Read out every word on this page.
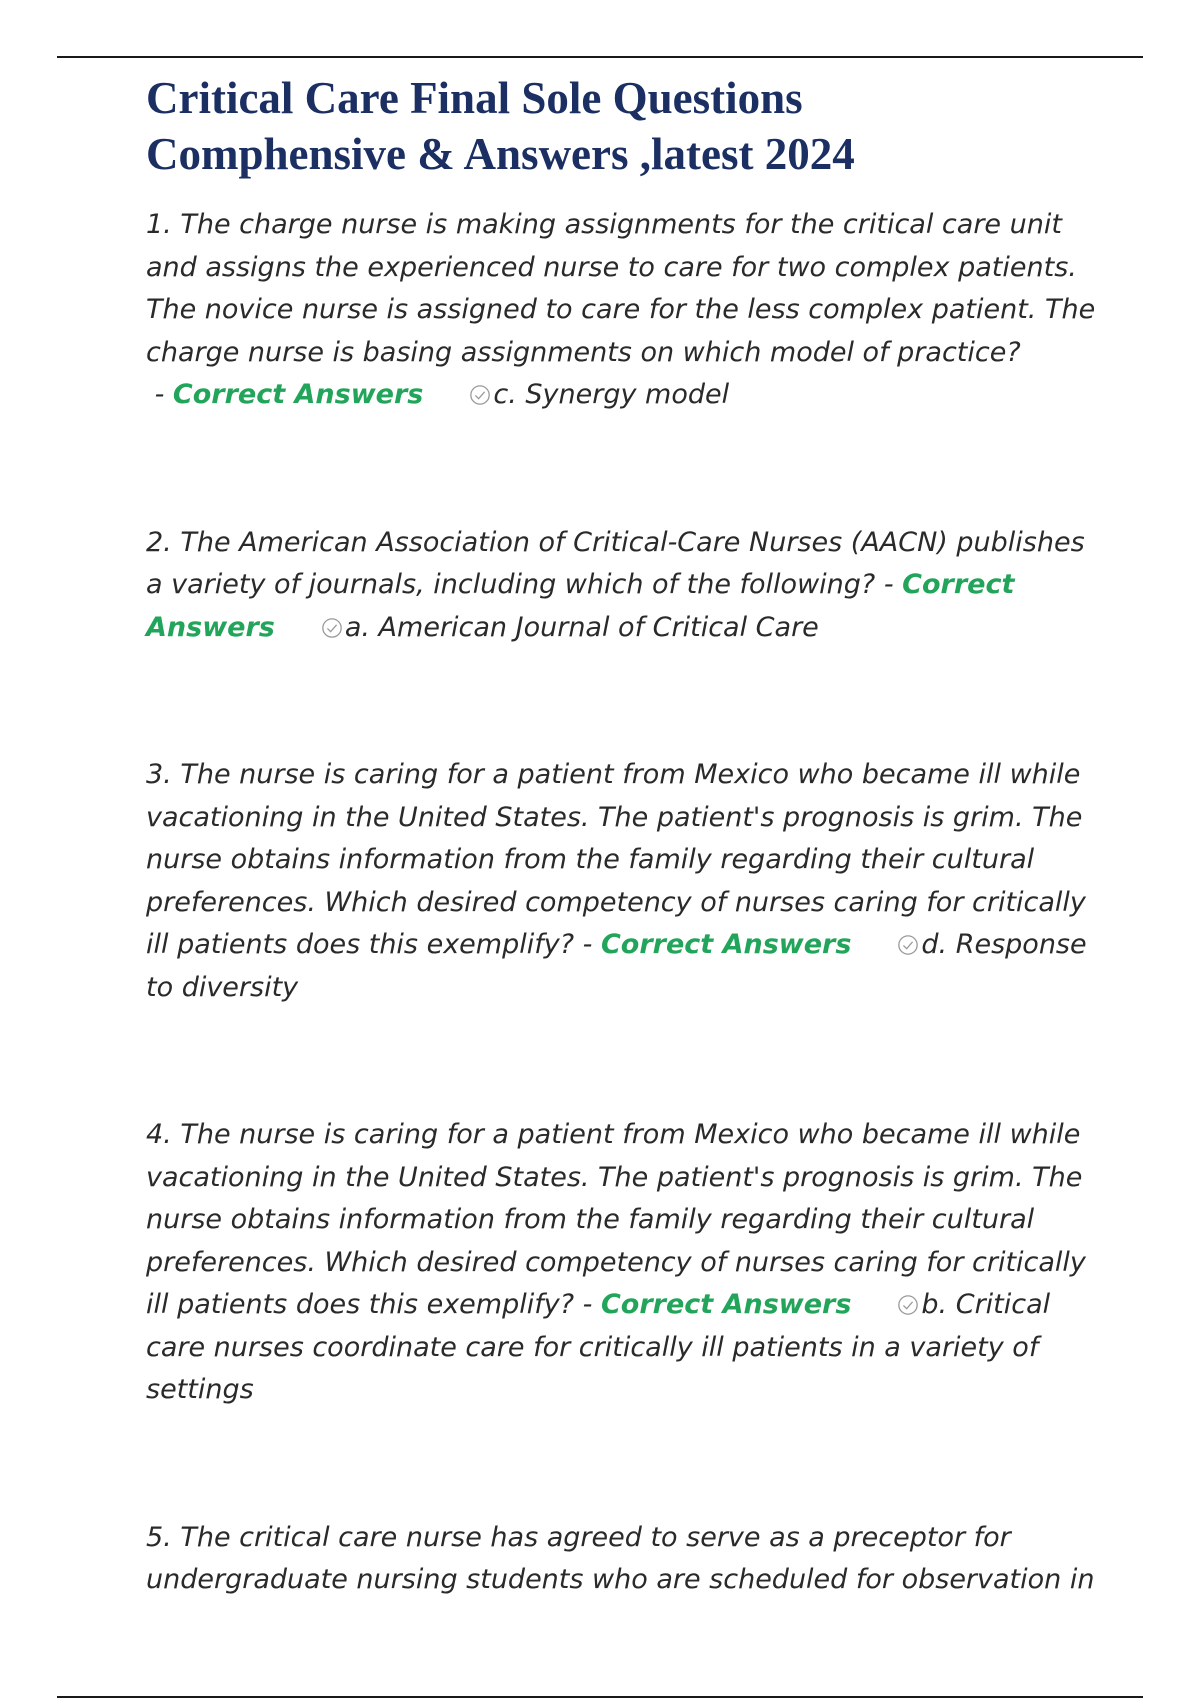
Critical Care Final Sole Questions
Comphensive & Answers ,latest 2024

1. The charge nurse is making assignments for the critical care unit and assigns the experienced nurse to care for two complex patients. The novice nurse is assigned to care for the less complex patient. The charge nurse is basing assignments on which model of practice? - Correct Answers	c. Synergy model

2. The American Association of Critical-Care Nurses (AACN) publishes a variety of journals, including which of the following? - Correct Answers	a. American Journal of Critical Care

3. The nurse is caring for a patient from Mexico who became ill while vacationing in the United States. The patient's prognosis is grim. The nurse obtains information from the family regarding their cultural preferences. Which desired competency of nurses caring for critically ill patients does this exemplify? - Correct Answers	d. Response to diversity

4. The nurse is caring for a patient from Mexico who became ill while vacationing in the United States. The patient's prognosis is grim. The nurse obtains information from the family regarding their cultural preferences. Which desired competency of nurses caring for critically ill patients does this exemplify? - Correct Answers	b. Critical care nurses coordinate care for critically ill patients in a variety of settings

5. The critical care nurse has agreed to serve as a preceptor for undergraduate nursing students who are scheduled for observation in
